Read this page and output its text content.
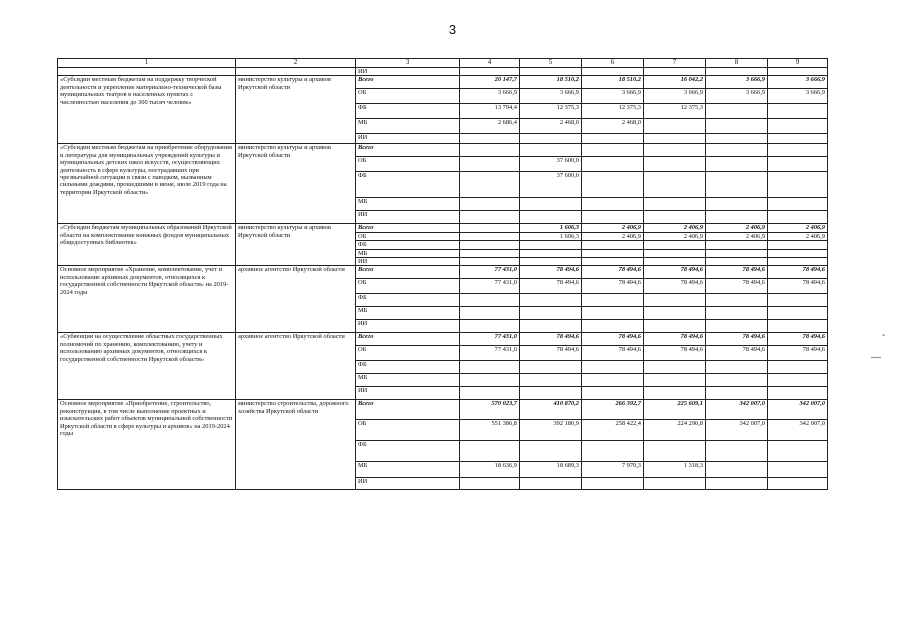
3
1	2	3	4	5	6	7	8	9
		ИИ						
«Субсидии местным бюджетам на поддержку творческой деятельности и укрепление материально-технической базы муниципальных театров в населенных пунктах с численностью населения до 300 тысяч человек»	министерство культуры и архивов Иркутской области	Всего	20 147,7	18 510,2	18 510,2	16 042,2	3 666,9	3 666,9
		ОБ	3 666,9	3 666,9	3 666,9	3 666,9	3 666,9	3 666,9
		ФБ	13 794,4	12 375,3	12 375,3	12 375,3		
		МБ	2 686,4	2 468,0	2 468,0			
		ИИ						
«Субсидии местным бюджетам на приобретение оборудования и литературы для муниципальных учреждений культуры и муниципальных детских школ искусств, осуществляющих деятельность в сфере культуры, пострадавших при чрезвычайной ситуации в связи с паводком, вызванным сильными дождями, прошедшими в июне, июле 2019 года на территории Иркутской области»	министерство культуры и архивов Иркутской области	Всего						
		ОБ		37 600,0				
		ФБ		37 600,0				
		МБ						
		ИИ						
«Субсидии бюджетам муниципальных образований Иркутской области на комплектование книжных фондов муниципальных общедоступных библиотек»	министерство культуры и архивов Иркутской области	Всего		1 606,3	2 406,9	2 406,9	2 406,9	2 406,9
		ОБ		1 606,3	2 406,9	2 406,9	2 406,9	2 406,9
		ФБ						
		МБ						
		ИИ						
Основное мероприятие «Хранение, комплектование, учет и использование архивных документов, относящихся к государственной собственности Иркутской области» на 2019-2024 годы	архивное агентство Иркутской области	Всего	77 431,0	78 494,6	78 494,6	78 494,6	78 494,6	78 494,6
		ОБ	77 431,0	78 494,6	78 494,6	78 494,6	78 494,6	78 494,6
		ФБ						
		МБ						
		ИИ						
«Субвенции на осуществление областных государственных полномочий по хранению, комплектованию, учету и использованию архивных документов, относящихся к государственной собственности Иркутской области»	архивное агентство Иркутской области	Всего	77 431,0	78 494,6	78 494,6	78 494,6	78 494,6	78 494,6
		ОБ	77 431,0	78 494,6	78 494,6	78 494,6	78 494,6	78 494,6
		ФБ						
		МБ						
		ИИ						
Основное мероприятие «Приобретение, строительство, реконструкция, в том числе выполнение проектных и изыскательских работ объектов муниципальной собственности Иркутской области в сфере культуры и архивов» на 2019-2024 годы	министерство строительства, дорожного хозяйства Иркутской области	Всего	570 023,7	410 870,2	266 392,7	225 609,1	342 007,0	342 007,0
		ОБ	551 386,8	392 180,9	258 422,4	224 290,8	342 007,0	342 007,0
		ФБ						
		МБ	18 636,9	18 689,3	7 970,3	1 318,3		
		ИИ						
—
-
